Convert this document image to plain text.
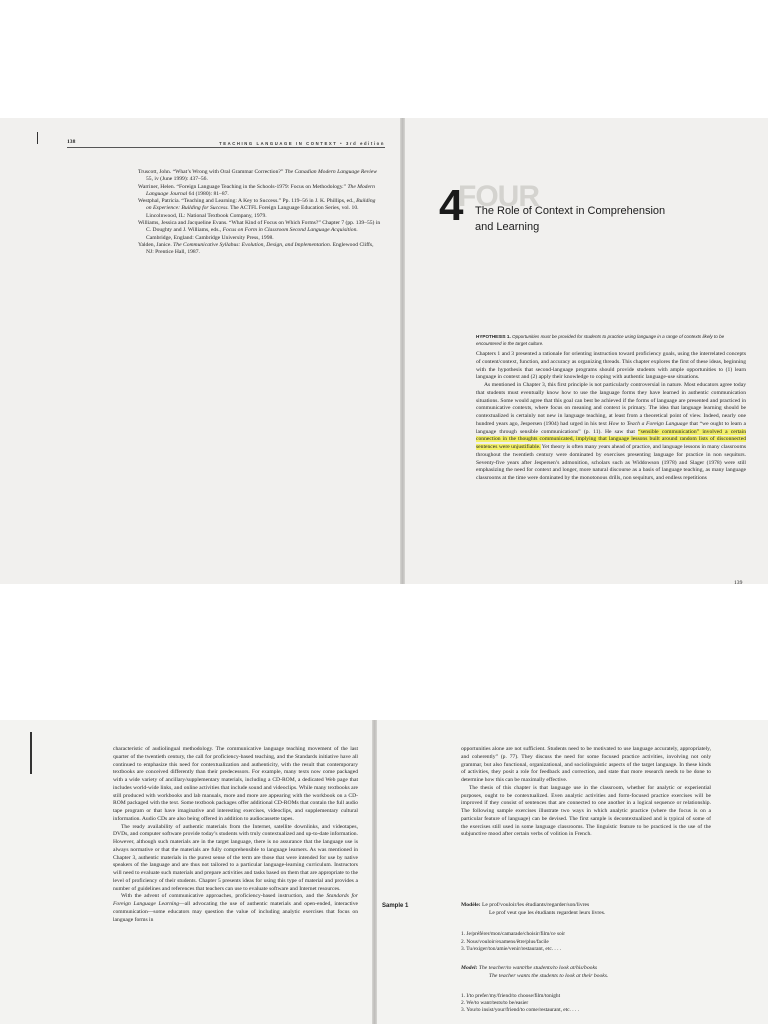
138	TEACHING LANGUAGE IN CONTEXT • 3rd edition

Truscott, John. “What’s Wrong with Oral Grammar Correction?” The Canadian Modern Language Review 55, iv (June 1999): 437–56.

Warriner, Helen. “Foreign Language Teaching in the Schools-1979: Focus on Methodology.” The Modern Language Journal 64 (1980): 81–87.

Westphal, Patricia. “Teaching and Learning: A Key to Success.” Pp. 119–56 in J. K. Phillips, ed., Building on Experience: Building for Success. The ACTFL Foreign Language Education Series, vol. 10. Lincolnwood, IL: National Textbook Company, 1979.

Williams, Jessica and Jacqueline Evans. “What Kind of Focus on Which Forms?” Chapter 7 (pp. 139–55) in C. Doughty and J. Williams, eds., Focus on Form in Classroom Second Language Acquisition. Cambridge, England: Cambridge University Press, 1998.

Yalden, Janice. The Communicative Syllabus: Evolution, Design, and Implementation. Englewood Cliffs, NJ: Prentice Hall, 1987.

FOUR
4 The Role of Context in Comprehension
and Learning
HYPOTHESIS 1. Opportunities must be provided for students to practice using language in a range of contexts likely to be encountered in the target culture.

Chapters 1 and 3 presented a rationale for orienting instruction toward proficiency goals, using the interrelated concepts of content/context, function, and accuracy as organizing threads. This chapter explores the first of these ideas, beginning with the hypothesis that second-language programs should provide students with ample opportunities to (1) learn language in context and (2) apply their knowledge to coping with authentic language-use situations.

As mentioned in Chapter 3, this first principle is not particularly controversial in nature. Most educators agree today that students must eventually know how to use the language forms they have learned in authentic communication situations. Some would agree that this goal can best be achieved if the forms of language are presented and practiced in communicative contexts, where focus on meaning and context is primary. The idea that language learning should be contextualized is certainly not new in language teaching, at least from a theoretical point of view. Indeed, nearly one hundred years ago, Jespersen (1904) had urged in his text How to Teach a Foreign Language that “we ought to learn a language through sensible communications” (p. 11). He saw that “sensible communication” involved a certain connection in the thoughts communicated, implying that language lessons built around random lists of disconnected sentences were unjustifiable. Yet theory is often many years ahead of practice, and language lessons in many classrooms throughout the twentieth century were dominated by exercises presenting language for practice in non sequiturs. Seventy-five years after Jespersen’s admonition, scholars such as Widdowson (1978) and Slager (1978) were still emphasizing the need for context and longer, more natural discourse as a basis of language teaching, as many language classrooms at the time were dominated by the monotonous drills, non sequiturs, and endless repetitions

139

characteristic of audiolingual methodology. The communicative language teaching movement of the last quarter of the twentieth century, the call for proficiency-based teaching, and the Standards initiative have all continued to emphasize this need for contextualization and authenticity, with the result that contemporary textbooks are conceived differently than their predecessors. For example, many texts now come packaged with a wide variety of ancillary/supplementary materials, including a CD-ROM, a dedicated Web page that includes world-wide links, and online activities that include sound and videoclips. While many textbooks are still produced with workbooks and lab manuals, more and more are appearing with the workbook on a CD-ROM packaged with the text. Some textbook packages offer additional CD-ROMs that contain the full audio tape program or that have imaginative and interesting exercises, videoclips, and supplementary cultural information. Audio CDs are also being offered in addition to audiocassette tapes.

The ready availability of authentic materials from the Internet, satellite downlinks, and videotapes, DVDs, and computer software provide today’s students with truly contextualized and up-to-date information. However, although such materials are in the target language, there is no assurance that the language use is always normative or that the materials are fully comprehensible to language learners. As was mentioned in Chapter 3, authentic materials in the purest sense of the term are those that were intended for use by native speakers of the language and are thus not tailored to a particular language-learning curriculum. Instructors will need to evaluate such materials and prepare activities and tasks based on them that are appropriate to the level of proficiency of their students. Chapter 5 presents ideas for using this type of material and provides a number of guidelines and references that teachers can use to evaluate software and Internet resources.

With the advent of communicative approaches, proficiency-based instruction, and the Standards for Foreign Language Learning—all advocating the use of authentic materials and open-ended, interactive communication—some educators may question the value of including analytic exercises that focus on language forms in

opportunities alone are not sufficient. Students need to be motivated to use language accurately, appropriately, and coherently” (p. 77). They discuss the need for some focused practice activities, involving not only grammar, but also functional, organizational, and sociolinguistic aspects of the target language. In these kinds of activities, they posit a role for feedback and correction, and state that more research needs to be done to determine how this can be maximally effective.

The thesis of this chapter is that language use in the classroom, whether for analytic or experiential purposes, ought to be contextualized. Even analytic activities and form-focused practice exercises will be improved if they consist of sentences that are connected to one another in a logical sequence or relationship. The following sample exercises illustrate two ways in which analytic practice (where the focus is on a particular feature of language) can be devised. The first sample is decontextualized and is typical of some of the exercises still used in some language classrooms. The linguistic feature to be practiced is the use of the subjunctive mood after certain verbs of volition in French.

Sample 1	Modèle: Le prof/vouloir/les étudiants/regarder/son/livres
Le prof veut que les étudiants regardent leurs livres.
1. Je/préférer/mon/camarade/choisir/film/ce soir
2. Nous/vouloir/examens/être/plus/facile
3. Tu/exiger/ton/amie/venir/restaurant, etc. . . .
Model: The teacher/to want/the students/to look at/his/books
The teacher wants the students to look at their books.
1. I/to prefer/my/friend/to choose/film/tonight
2. We/to want/tests/to be/easier
3. You/to insist/your/friend/to come/restaurant, etc. . . .
